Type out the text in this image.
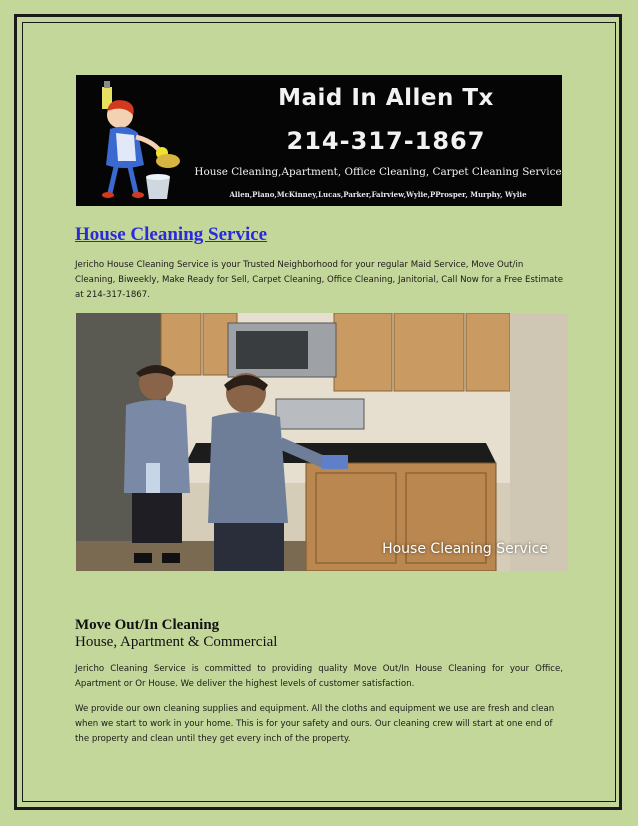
Maid In Allen Tx
214-317-1867
House Cleaning,Apartment, Office Cleaning, Carpet Cleaning Service
Allen,Plano,McKinney,Lucas,Parker,Fairview,Wylie,PProsper, Murphy, Wylie
House Cleaning Service

Jericho House Cleaning Service is your Trusted Neighborhood for your regular Maid Service, Move Out/in Cleaning, Biweekly, Make Ready for Sell, Carpet Cleaning, Office Cleaning, Janitorial, Call Now for a Free Estimate at 214-317-1867.

House Cleaning Service
Move Out/In Cleaning
House, Apartment & Commercial

Jericho Cleaning Service is committed to providing quality Move Out/In House Cleaning for your Office, Apartment or Or House. We deliver the highest levels of customer satisfaction.

We provide our own cleaning supplies and equipment. All the cloths and equipment we use are fresh and clean when we start to work in your home. This is for your safety and ours. Our cleaning crew will start at one end of the property and clean until they get every inch of the property.
